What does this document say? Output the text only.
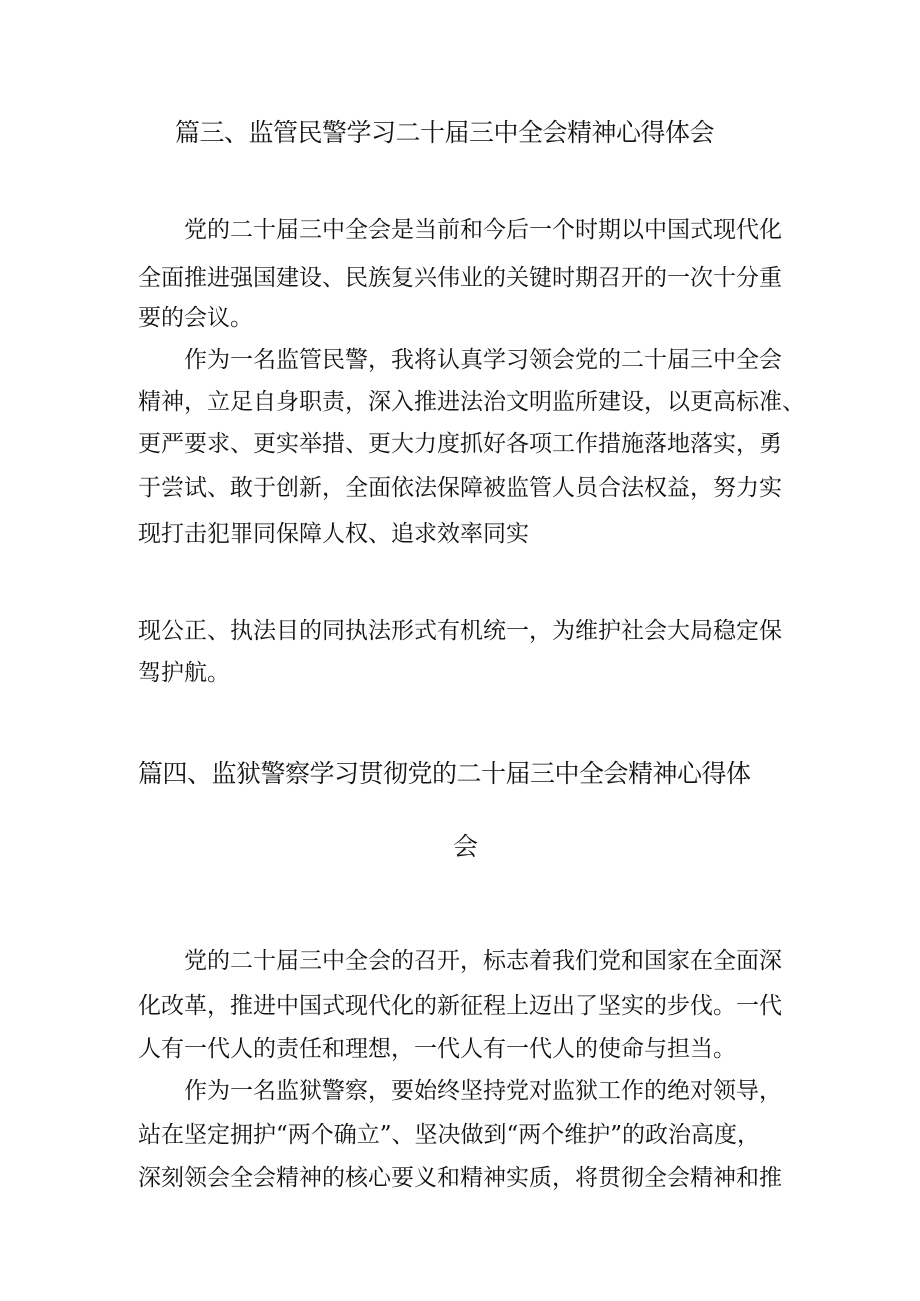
篇三、监管民警学习二十届三中全会精神心得体会
党的二十届三中全会是当前和今后一个时期以中国式现代化
全面推进强国建设、民族复兴伟业的关键时期召开的一次十分重
要的会议。
作为一名监管民警，我将认真学习领会党的二十届三中全会
精神，立足自身职责，深入推进法治文明监所建设，以更高标准、
更严要求、更实举措、更大力度抓好各项工作措施落地落实，勇
于尝试、敢于创新，全面依法保障被监管人员合法权益，努力实
现打击犯罪同保障人权、追求效率同实
现公正、执法目的同执法形式有机统一，为维护社会大局稳定保
驾护航。
篇四、监狱警察学习贯彻党的二十届三中全会精神心得体
会
党的二十届三中全会的召开，标志着我们党和国家在全面深
化改革，推进中国式现代化的新征程上迈出了坚实的步伐。一代
人有一代人的责任和理想，一代人有一代人的使命与担当。
作为一名监狱警察，要始终坚持党对监狱工作的绝对领导，
站在坚定拥护“两个确立”、坚决做到“两个维护”的政治高度，
深刻领会全会精神的核心要义和精神实质，将贯彻全会精神和推
